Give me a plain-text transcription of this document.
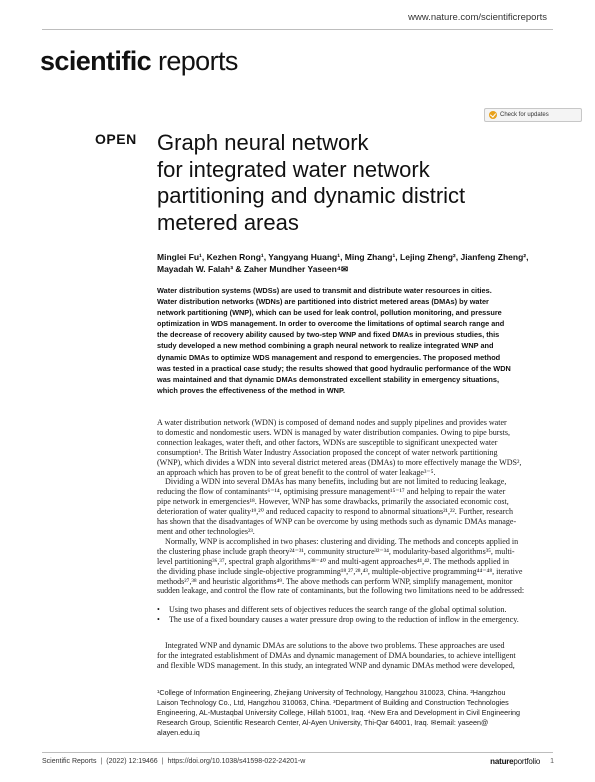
www.nature.com/scientificreports
scientific reports
OPEN
Check for updates
Graph neural network
for integrated water network
partitioning and dynamic district
metered areas
Minglei Fu¹, Kezhen Rong¹, Yangyang Huang¹, Ming Zhang¹, Lejing Zheng², Jianfeng Zheng²,
Mayadah W. Falah³ & Zaher Mundher Yaseen⁴✉
Water distribution systems (WDSs) are used to transmit and distribute water resources in cities.
Water distribution networks (WDNs) are partitioned into district metered areas (DMAs) by water
network partitioning (WNP), which can be used for leak control, pollution monitoring, and pressure
optimization in WDS management. In order to overcome the limitations of optimal search range and
the decrease of recovery ability caused by two-step WNP and fixed DMAs in previous studies, this
study developed a new method combining a graph neural network to realize integrated WNP and
dynamic DMAs to optimize WDS management and respond to emergencies. The proposed method
was tested in a practical case study; the results showed that good hydraulic performance of the WDN
was maintained and that dynamic DMAs demonstrated excellent stability in emergency situations,
which proves the effectiveness of the method in WNP.
A water distribution network (WDN) is composed of demand nodes and supply pipelines and provides water
to domestic and nondomestic users. WDN is managed by water distribution companies. Owing to pipe bursts,
connection leakages, water theft, and other factors, WDNs are susceptible to significant unexpected water
consumption¹. The British Water Industry Association proposed the concept of water network partitioning
(WNP), which divides a WDN into several district metered areas (DMAs) to more effectively manage the WDS²,
an approach which has proven to be of great benefit to the control of water leakage³⁻⁵.
Dividing a WDN into several DMAs has many benefits, including but are not limited to reducing leakage,
reducing the flow of contaminants⁶⁻¹⁴, optimising pressure management¹⁵⁻¹⁷ and helping to repair the water
pipe network in emergencies¹⁸. However, WNP has some drawbacks, primarily the associated economic cost,
deterioration of water quality¹⁹,²⁰ and reduced capacity to respond to abnormal situations²¹,²². Further, research
has shown that the disadvantages of WNP can be overcome by using methods such as dynamic DMAs manage-
ment and other technologies²³.
Normally, WNP is accomplished in two phases: clustering and dividing. The methods and concepts applied in
the clustering phase include graph theory²⁴⁻³¹, community structure³²⁻³⁴, modularity-based algorithms³⁵, multi-
level partitioning³⁶,³⁷, spectral graph algorithms³⁸⁻⁴⁰ and multi-agent approaches⁴¹,⁴². The methods applied in
the dividing phase include single-objective programming¹⁸,²⁷,²⁸,⁴³, multiple-objective programming⁴⁴⁻⁴⁸, iterative
methods²⁷,³⁸ and heuristic algorithms⁴⁹. The above methods can perform WNP, simplify management, monitor
sudden leakage, and control the flow rate of contaminants, but the following two limitations need to be addressed:
•	Using two phases and different sets of objectives reduces the search range of the global optimal solution.
•	The use of a fixed boundary causes a water pressure drop owing to the reduction of inflow in the emergency.
Integrated WNP and dynamic DMAs are solutions to the above two problems. These approaches are used
for the integrated establishment of DMAs and dynamic management of DMA boundaries, to achieve intelligent
and flexible WDS management. In this study, an integrated WNP and dynamic DMAs method were developed,
¹College of Information Engineering, Zhejiang University of Technology, Hangzhou 310023, China. ²Hangzhou
Laison Technology Co., Ltd, Hangzhou 310063, China. ³Department of Building and Construction Technologies
Engineering, AL-Mustaqbal University College, Hillah 51001, Iraq. ⁴New Era and Development in Civil Engineering
Research Group, Scientific Research Center, Al-Ayen University, Thi-Qar 64001, Iraq. ✉email: yaseen@
alayen.edu.iq
Scientific Reports | (2022) 12:19466 | https://doi.org/10.1038/s41598-022-24201-w	natureportfolio 1
